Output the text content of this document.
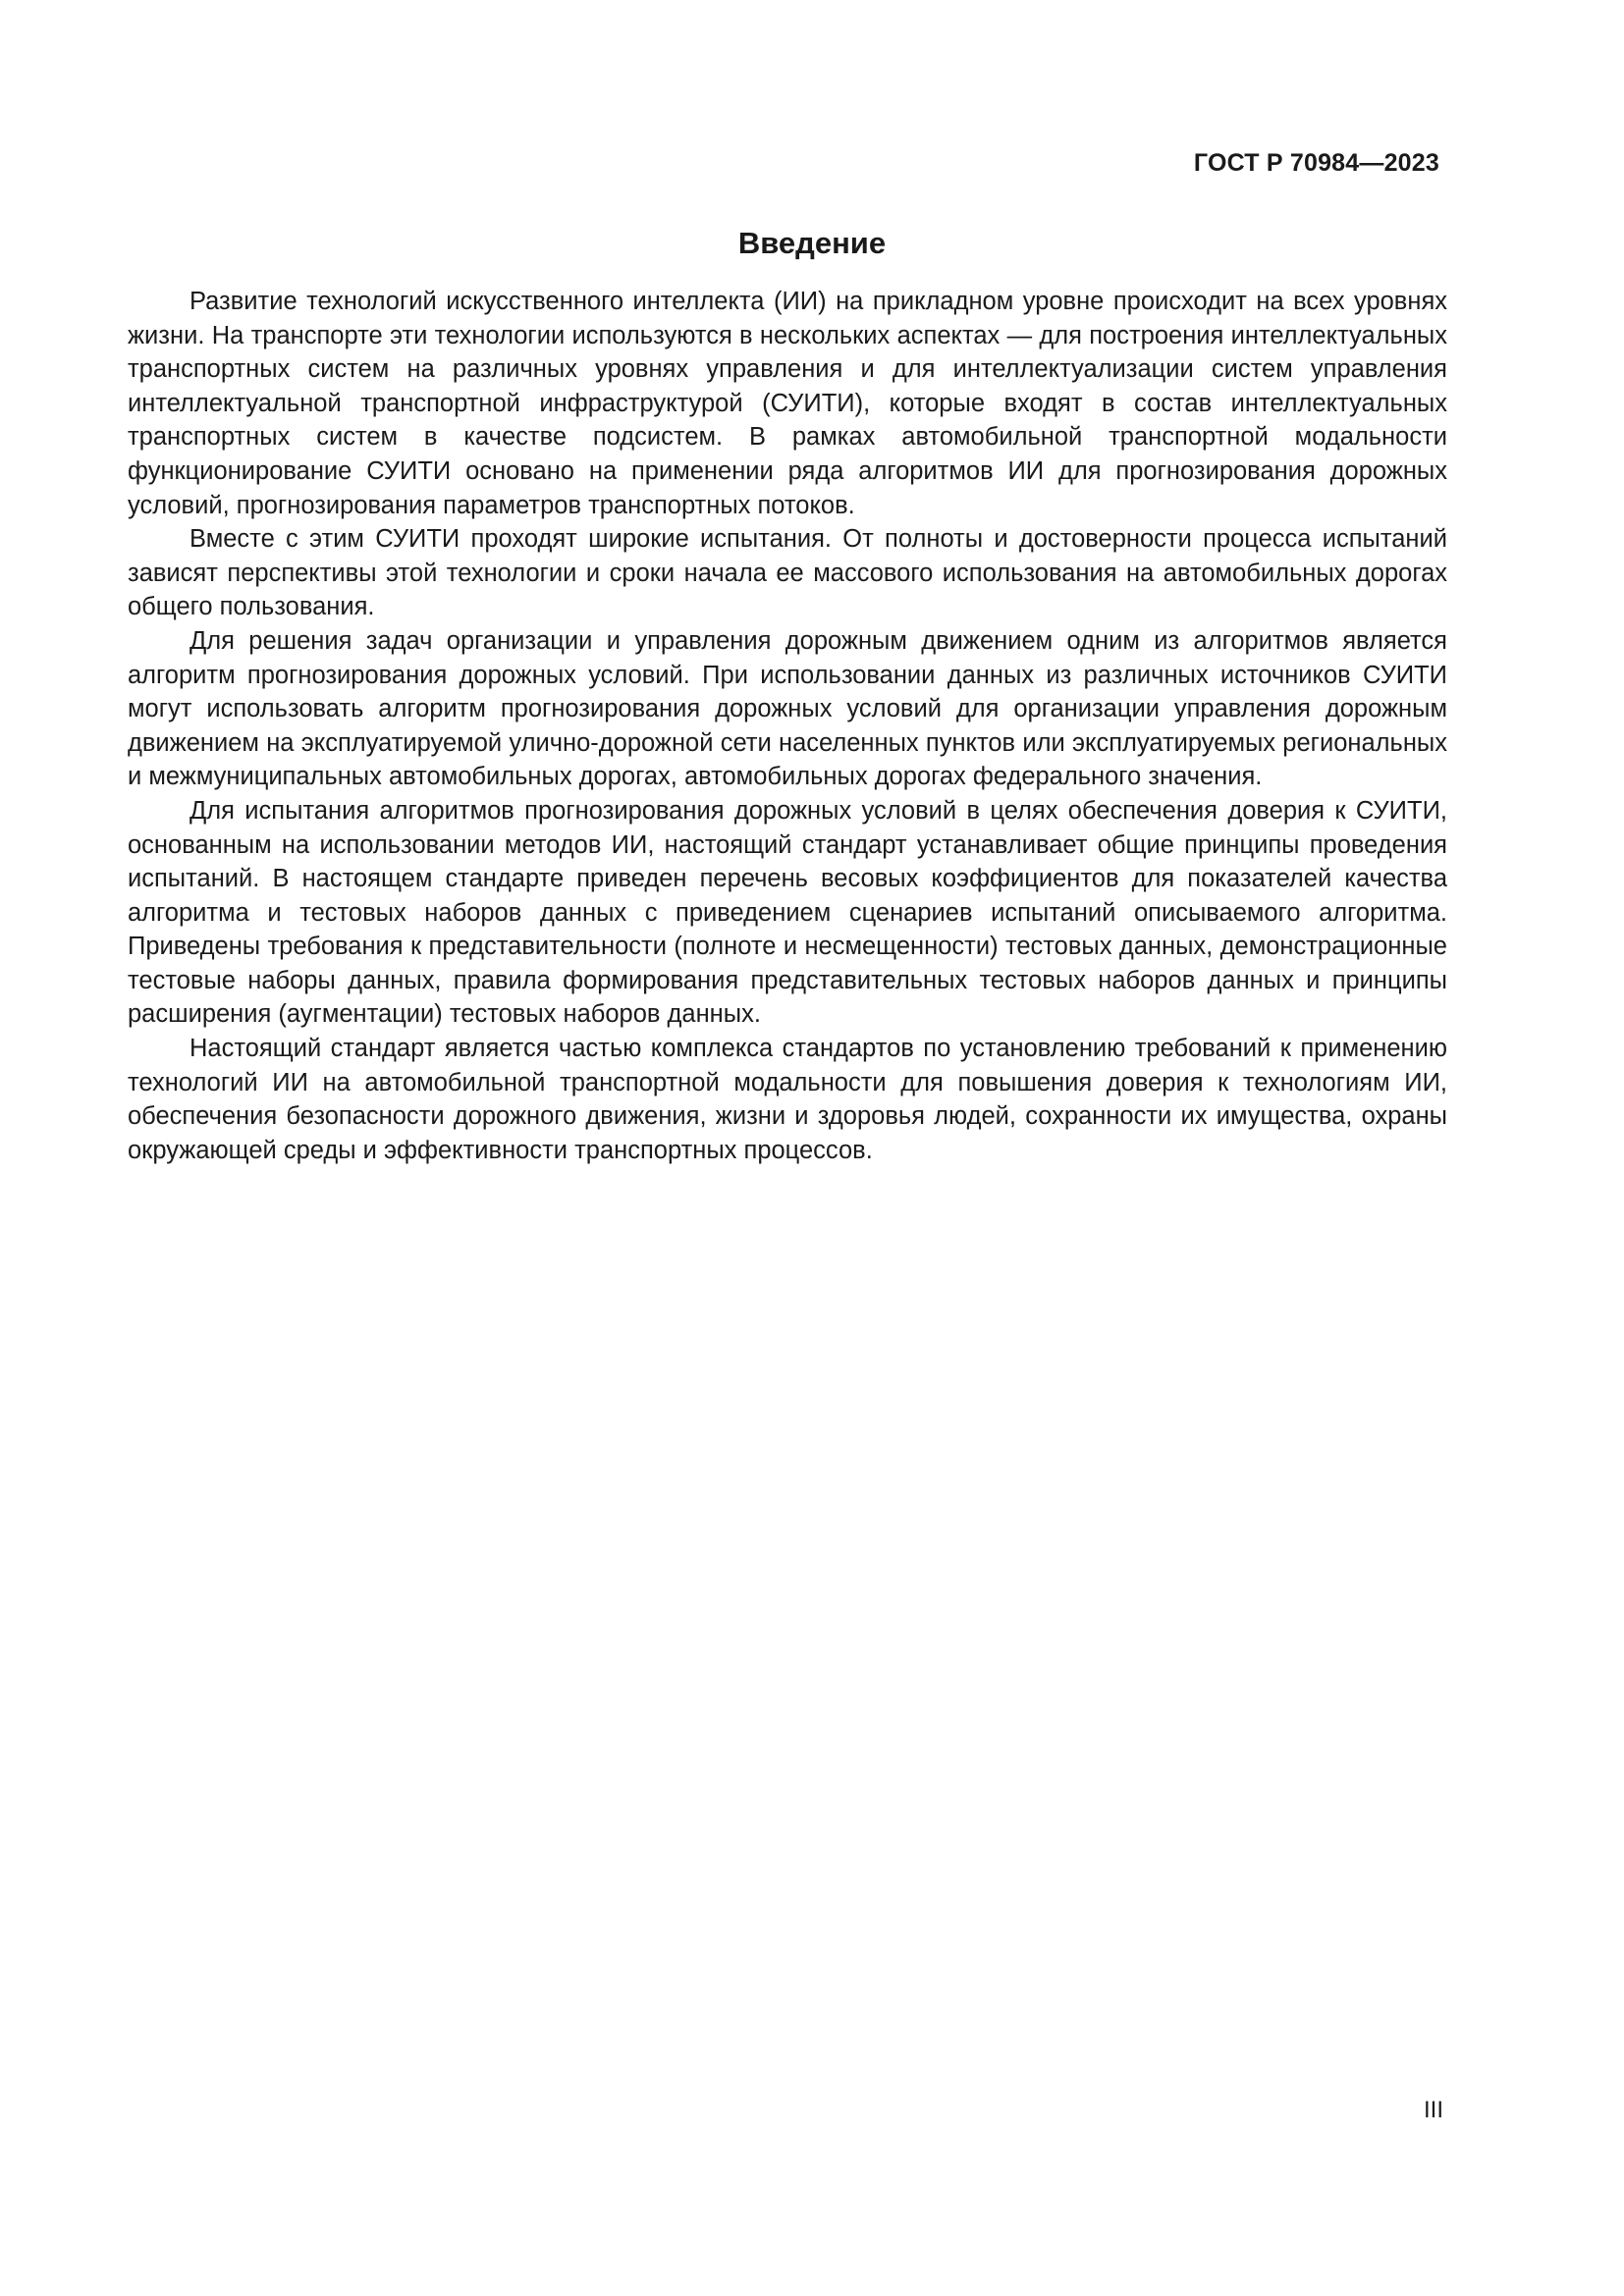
ГОСТ Р 70984—2023
Введение

Развитие технологий искусственного интеллекта (ИИ) на прикладном уровне происходит на всех уровнях жизни. На транспорте эти технологии используются в нескольких аспектах — для построения интеллектуальных транспортных систем на различных уровнях управления и для интеллектуализации систем управления интеллектуальной транспортной инфраструктурой (СУИТИ), которые входят в состав интеллектуальных транспортных систем в качестве подсистем. В рамках автомобильной транспортной модальности функционирование СУИТИ основано на применении ряда алгоритмов ИИ для прогнозирования дорожных условий, прогнозирования параметров транспортных потоков.

Вместе с этим СУИТИ проходят широкие испытания. От полноты и достоверности процесса испытаний зависят перспективы этой технологии и сроки начала ее массового использования на автомобильных дорогах общего пользования.

Для решения задач организации и управления дорожным движением одним из алгоритмов является алгоритм прогнозирования дорожных условий. При использовании данных из различных источников СУИТИ могут использовать алгоритм прогнозирования дорожных условий для организации управления дорожным движением на эксплуатируемой улично-дорожной сети населенных пунктов или эксплуатируемых региональных и межмуниципальных автомобильных дорогах, автомобильных дорогах федерального значения.

Для испытания алгоритмов прогнозирования дорожных условий в целях обеспечения доверия к СУИТИ, основанным на использовании методов ИИ, настоящий стандарт устанавливает общие принципы проведения испытаний. В настоящем стандарте приведен перечень весовых коэффициентов для показателей качества алгоритма и тестовых наборов данных с приведением сценариев испытаний описываемого алгоритма. Приведены требования к представительности (полноте и несмещенности) тестовых данных, демонстрационные тестовые наборы данных, правила формирования представительных тестовых наборов данных и принципы расширения (аугментации) тестовых наборов данных.

Настоящий стандарт является частью комплекса стандартов по установлению требований к применению технологий ИИ на автомобильной транспортной модальности для повышения доверия к технологиям ИИ, обеспечения безопасности дорожного движения, жизни и здоровья людей, сохранности их имущества, охраны окружающей среды и эффективности транспортных процессов.

III
